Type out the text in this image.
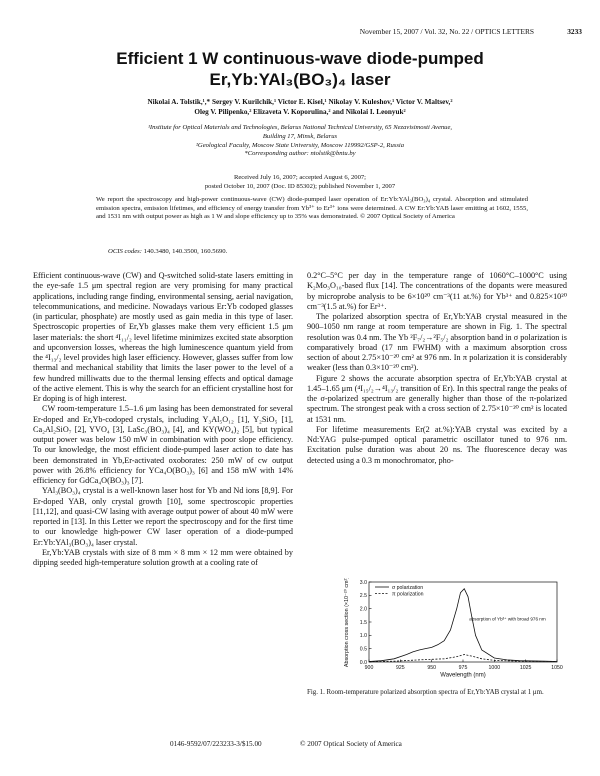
November 15, 2007 / Vol. 32, No. 22 / OPTICS LETTERS	3233
Efficient 1 W continuous-wave diode-pumped
Er,Yb:YAl₃(BO₃)₄ laser
Nikolai A. Tolstik,¹,* Sergey V. Kurilchik,¹ Victor E. Kisel,¹ Nikolay V. Kuleshov,¹ Victor V. Maltsev,²
Oleg V. Pilipenko,² Elizaveta V. Koporulina,² and Nikolai I. Leonyuk²
¹Institute for Optical Materials and Technologies, Belarus National Technical University, 65 Nezavisimosti Avenue,
Building 17, Minsk, Belarus
²Geological Faculty, Moscow State University, Moscow 119992/GSP-2, Russia
*Corresponding author: ntolstik@bntu.by
Received July 16, 2007; accepted August 6, 2007;
posted October 10, 2007 (Doc. ID 85302); published November 1, 2007
We report the spectroscopy and high-power continuous-wave (CW) diode-pumped laser operation of Er:Yb:YAl₃(BO₃)₄ crystal. Absorption and stimulated emission spectra, emission lifetimes, and efficiency of energy transfer from Yb³⁺ to Er³⁺ ions were determined. A CW Er:Yb:YAB laser emitting at 1602, 1555, and 1531 nm with output power as high as 1 W and slope efficiency up to 35% was demonstrated. © 2007 Optical Society of America
OCIS codes: 140.3480, 140.3500, 160.5690.

Efficient continuous-wave (CW) and Q-switched solid-state lasers emitting in the eye-safe 1.5 μm spectral region are very promising for many practical applications, including range finding, environmental sensing, aerial navigation, telecommunications, and medicine. Nowadays various Er:Yb codoped glasses (in particular, phosphate) are mostly used as gain media in this type of laser. Spectroscopic properties of Er,Yb glasses make them very efficient 1.5 μm laser materials: the short ⁴I₁₁/₂ level lifetime minimizes excited state absorption and upconversion losses, whereas the high luminescence quantum yield from the ⁴I₁₃/₂ level provides high laser efficiency. However, glasses suffer from low thermal and mechanical stability that limits the laser power to the level of a few hundred milliwatts due to the thermal lensing effects and optical damage of the active element. This is why the search for an efficient crystalline host for Er doping is of high interest.

CW room-temperature 1.5–1.6 μm lasing has been demonstrated for several Er-doped and Er,Yb-codoped crystals, including Y₃Al₅O₁₂ [1], Y₂SiO₅ [1], Ca₂Al₂SiO₇ [2], YVO₄ [3], LaSc₃(BO₃)₄ [4], and KY(WO₄)₂ [5], but typical output power was below 150 mW in combination with poor slope efficiency. To our knowledge, the most efficient diode-pumped laser action to date has been demonstrated in Yb,Er-activated oxoborates: 250 mW of cw output power with 26.8% efficiency for YCa₄O(BO₃)₃ [6] and 158 mW with 14% efficiency for GdCa₄O(BO₃)₃ [7].

YAl₃(BO₃)₄ crystal is a well-known laser host for Yb and Nd ions [8,9]. For Er-doped YAB, only crystal growth [10], some spectroscopic properties [11,12], and quasi-CW lasing with average output power of about 40 mW were reported in [13]. In this Letter we report the spectroscopy and for the first time to our knowledge high-power CW laser operation of a diode-pumped Er:Yb:YAl₃(BO₃)₄ laser crystal.

Er,Yb:YAB crystals with size of 8 mm × 8 mm × 12 mm were obtained by dipping seeded high-temperature solution growth at a cooling rate of

0.2°C–5°C per day in the temperature range of 1060°C–1000°C using K₂Mo₃O₁₀-based flux [14]. The concentrations of the dopants were measured by microprobe analysis to be 6×10²⁰ cm⁻³(11 at.%) for Yb³⁺ and 0.825×10²⁰ cm⁻³(1.5 at.%) for Er³⁺.

The polarized absorption spectra of Er,Yb:YAB crystal measured in the 900–1050 nm range at room temperature are shown in Fig. 1. The spectral resolution was 0.4 nm. The Yb ²F₇/₂→²F₅/₂ absorption band in σ polarization is comparatively broad (17 nm FWHM) with a maximum absorption cross section of about 2.75×10⁻²⁰ cm² at 976 nm. In π polarization it is considerably weaker (less than 0.3×10⁻²⁰ cm²).

Figure 2 shows the accurate absorption spectra of Er,Yb:YAB crystal at 1.45–1.65 μm (⁴I₁₅/₂→⁴I₁₃/₂ transition of Er). In this spectral range the peaks of the σ-polarized spectrum are generally higher than those of the π-polarized spectrum. The strongest peak with a cross section of 2.75×10⁻²⁰ cm² is located at 1531 nm.

For lifetime measurements Er(2 at.%):YAB crystal was excited by a Nd:YAG pulse-pumped optical parametric oscillator tuned to 976 nm. Excitation pulse duration was about 20 ns. The fluorescence decay was detected using a 0.3 m monochromator, pho-

900	925	950	975	1000	1025	1050
0.0
0.5
1.0
1.5
2.0
2.5
3.0
Wavelength (nm)
Absorption cross section (×10⁻²⁰ cm²)	σ polarization
π polarization
absorption of Yb³⁺ with broad 976 nm
Fig. 1. Room-temperature polarized absorption spectra of Er,Yb:YAB crystal at 1 μm.
0146-9592/07/223233-3/$15.00	© 2007 Optical Society of America
